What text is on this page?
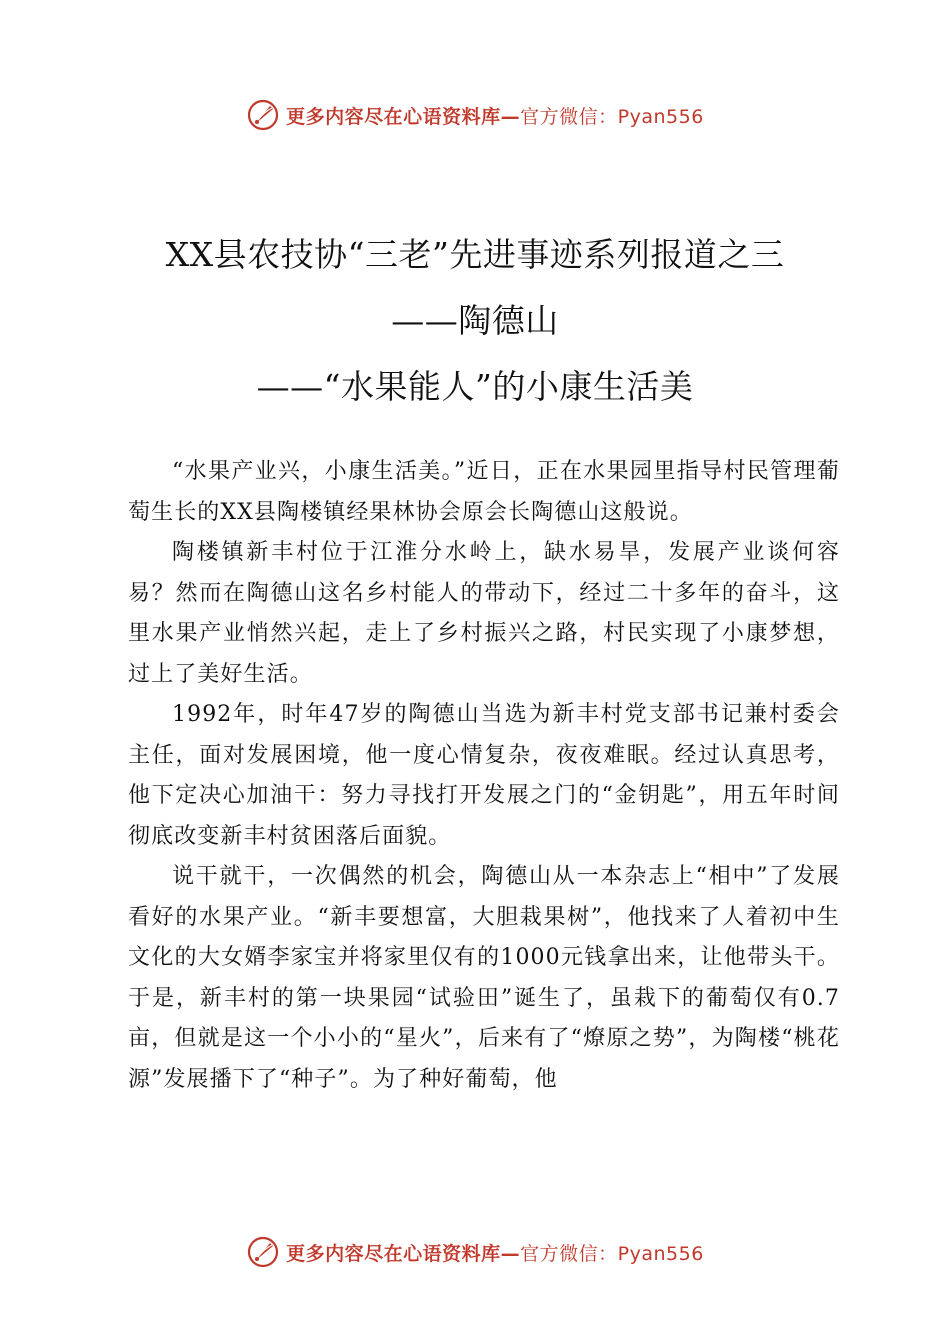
更多内容尽在心语资料库—官方微信：Pyan556
XX县农技协“三老”先进事迹系列报道之三
——陶德山
——“水果能人”的小康生活美

“水果产业兴，小康生活美。”近日，正在水果园里指导村民管理葡萄生长的XX县陶楼镇经果林协会原会长陶德山这般说。

陶楼镇新丰村位于江淮分水岭上，缺水易旱，发展产业谈何容易？然而在陶德山这名乡村能人的带动下，经过二十多年的奋斗，这里水果产业悄然兴起，走上了乡村振兴之路，村民实现了小康梦想，过上了美好生活。

1992年，时年47岁的陶德山当选为新丰村党支部书记兼村委会主任，面对发展困境，他一度心情复杂，夜夜难眠。经过认真思考，他下定决心加油干：努力寻找打开发展之门的“金钥匙”，用五年时间彻底改变新丰村贫困落后面貌。

说干就干，一次偶然的机会，陶德山从一本杂志上“相中”了发展看好的水果产业。“新丰要想富，大胆栽果树”，他找来了人着初中生文化的大女婿李家宝并将家里仅有的1000元钱拿出来，让他带头干。于是，新丰村的第一块果园“试验田”诞生了，虽栽下的葡萄仅有0.7亩，但就是这一个小小的“星火”，后来有了“燎原之势”，为陶楼“桃花源”发展播下了“种子”。为了种好葡萄，他

更多内容尽在心语资料库—官方微信：Pyan556
